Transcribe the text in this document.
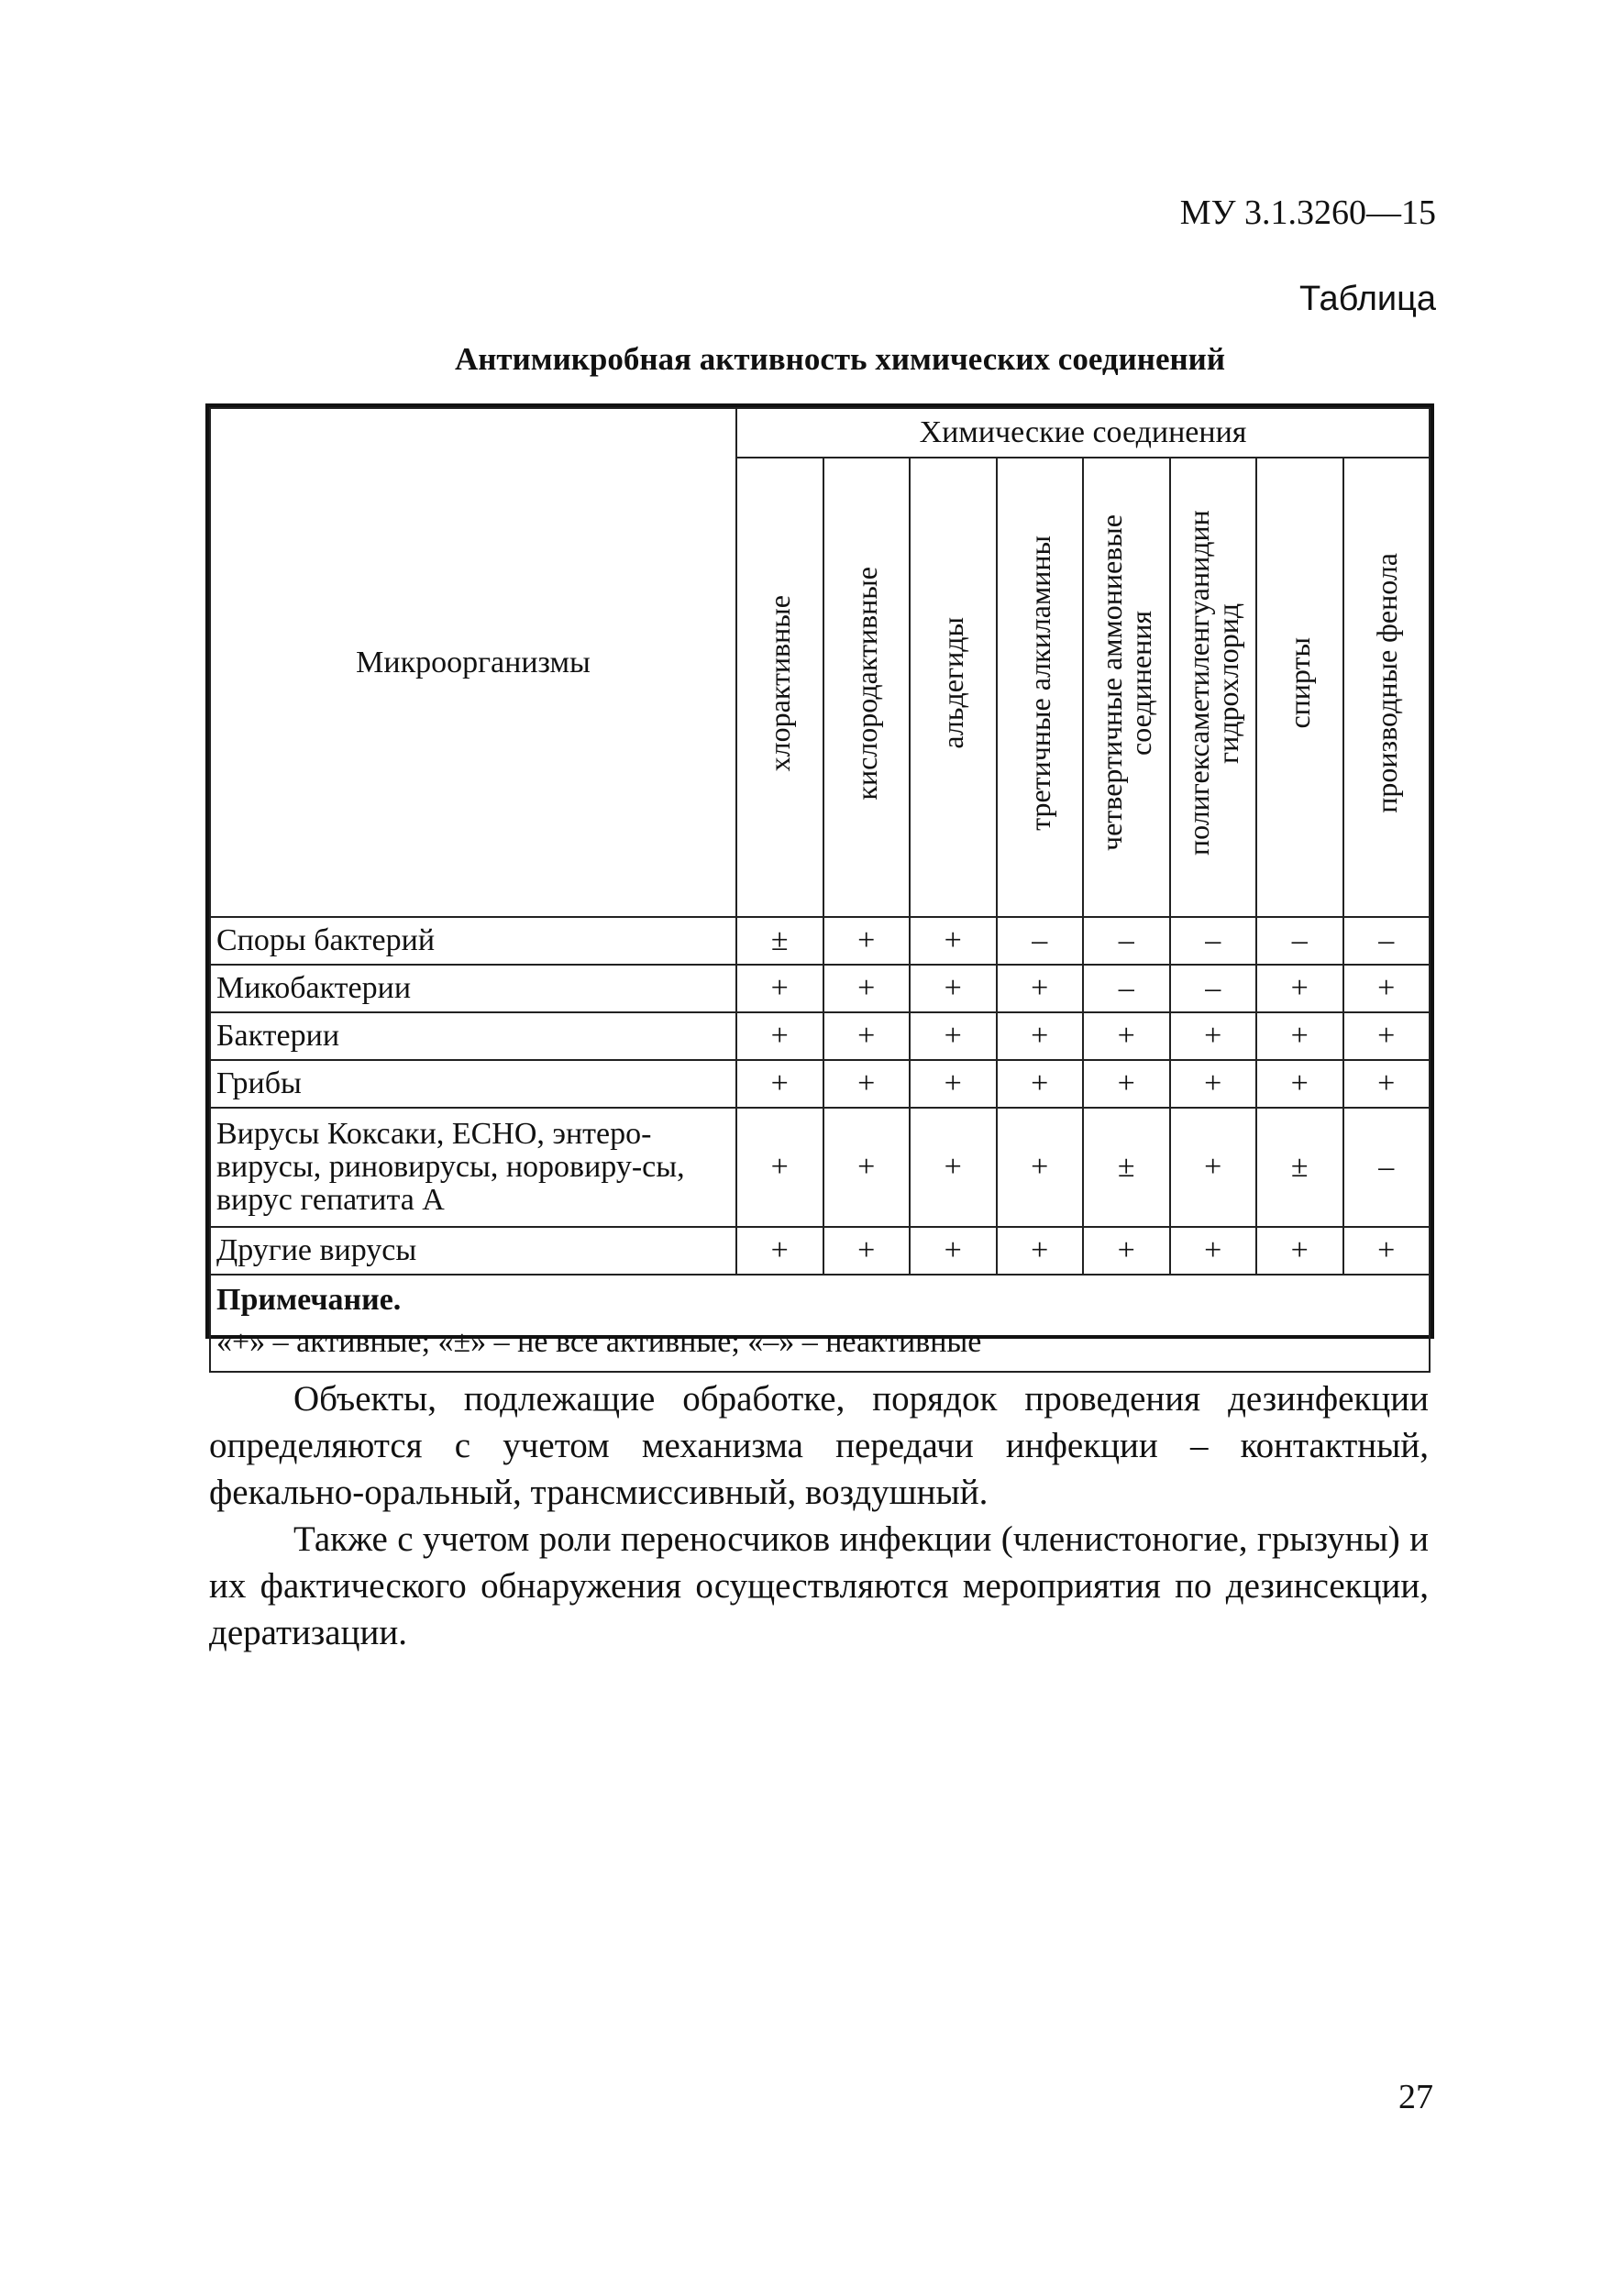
МУ 3.1.3260—15
Таблица
Антимикробная активность химических соединений
Микроорганизмы	Химические соединения							
	хлорактивные	кислородактивные	альдегиды	третичные алкиламины	четвертичные аммониевые соединения	полигексаметиленгуанидин гидрохлорид	спирты	производные фенола
Споры бактерий	±	+	+	–	–	–	–	–
Микобактерии	+	+	+	+	–	–	+	+
Бактерии	+	+	+	+	+	+	+	+
Грибы	+	+	+	+	+	+	+	+
Вирусы Коксаки, ЕСНО, энтеро-вирусы, риновирусы, норовиру-сы, вирус гепатита А	+	+	+	+	±	+	±	–
Другие вирусы	+	+	+	+	+	+	+	+

Примечание.
«+» – активные; «±» – не все активные; «–» – неактивные								

Объекты, подлежащие обработке, порядок проведения дезинфекции определяются с учетом механизма передачи инфекции – контактный, фекально-оральный, трансмиссивный, воздушный.

Также с учетом роли переносчиков инфекции (членистоногие, грызуны) и их фактического обнаружения осуществляются мероприятия по дезинсекции, дератизации.

27
